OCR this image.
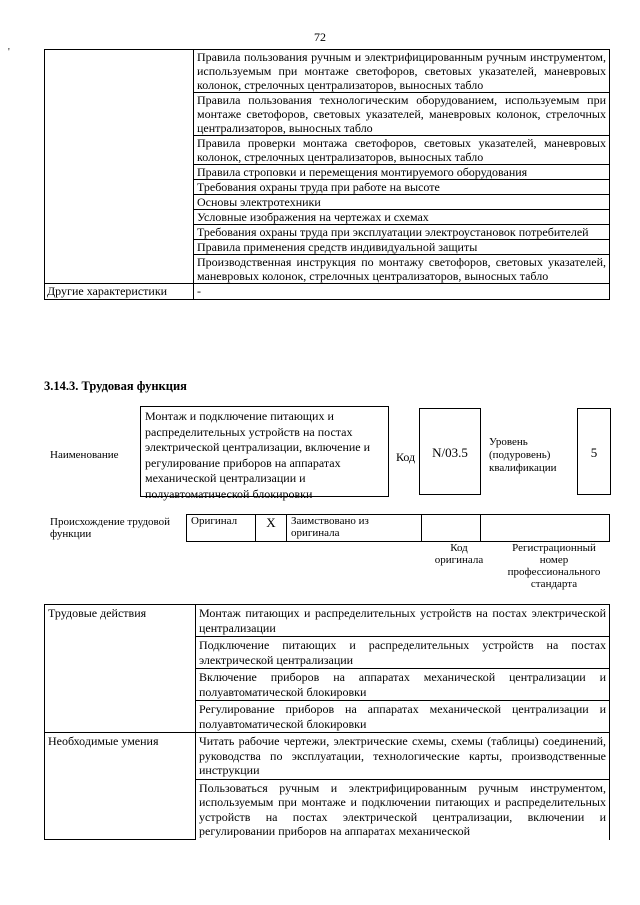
72
'
		Правила пользования ручным и электрифицированным ручным инструментом, используемым при монтаже светофоров, световых указателей, маневровых колонок, стрелочных централизаторов, выносных табло
	Правила пользования технологическим оборудованием, используемым при монтаже светофоров, световых указателей, маневровых колонок, стрелочных централизаторов, выносных табло
	Правила проверки монтажа светофоров, световых указателей, маневровых колонок, стрелочных централизаторов, выносных табло
	Правила строповки и перемещения монтируемого оборудования
	Требования охраны труда при работе на высоте
	Основы электротехники
	Условные изображения на чертежах и схемах
	Требования охраны труда при эксплуатации электроустановок потребителей
	Правила применения средств индивидуальной защиты
	Производственная инструкция по монтажу светофоров, световых указателей, маневровых колонок, стрелочных централизаторов, выносных табло
Другие характеристики	-
3.14.3. Трудовая функция
Наименование
Монтаж и подключение питающих и распределительных устройств на постах электрической централизации, включение и регулирование приборов на аппаратах механической централизации и полуавтоматической блокировки
Код	N/03.5
Уровень (подуровень) квалификации
5
Происхождение трудовой функции
Оригинал	X	Заимствовано из оригинала		
Код оригинала
Регистрационный номер профессионального стандарта
Трудовые действия	Монтаж питающих и распределительных устройств на постах электрической централизации
	Подключение питающих и распределительных устройств на постах электрической централизации
	Включение приборов на аппаратах механической централизации и полуавтоматической блокировки
	Регулирование приборов на аппаратах механической централизации и полуавтоматической блокировки
Необходимые умения	Читать рабочие чертежи, электрические схемы, схемы (таблицы) соединений, руководства по эксплуатации, технологические карты, производственные инструкции
	Пользоваться ручным и электрифицированным ручным инструментом, используемым при монтаже и подключении питающих и распределительных устройств на постах электрической централизации, включении и регулировании приборов на аппаратах механической
